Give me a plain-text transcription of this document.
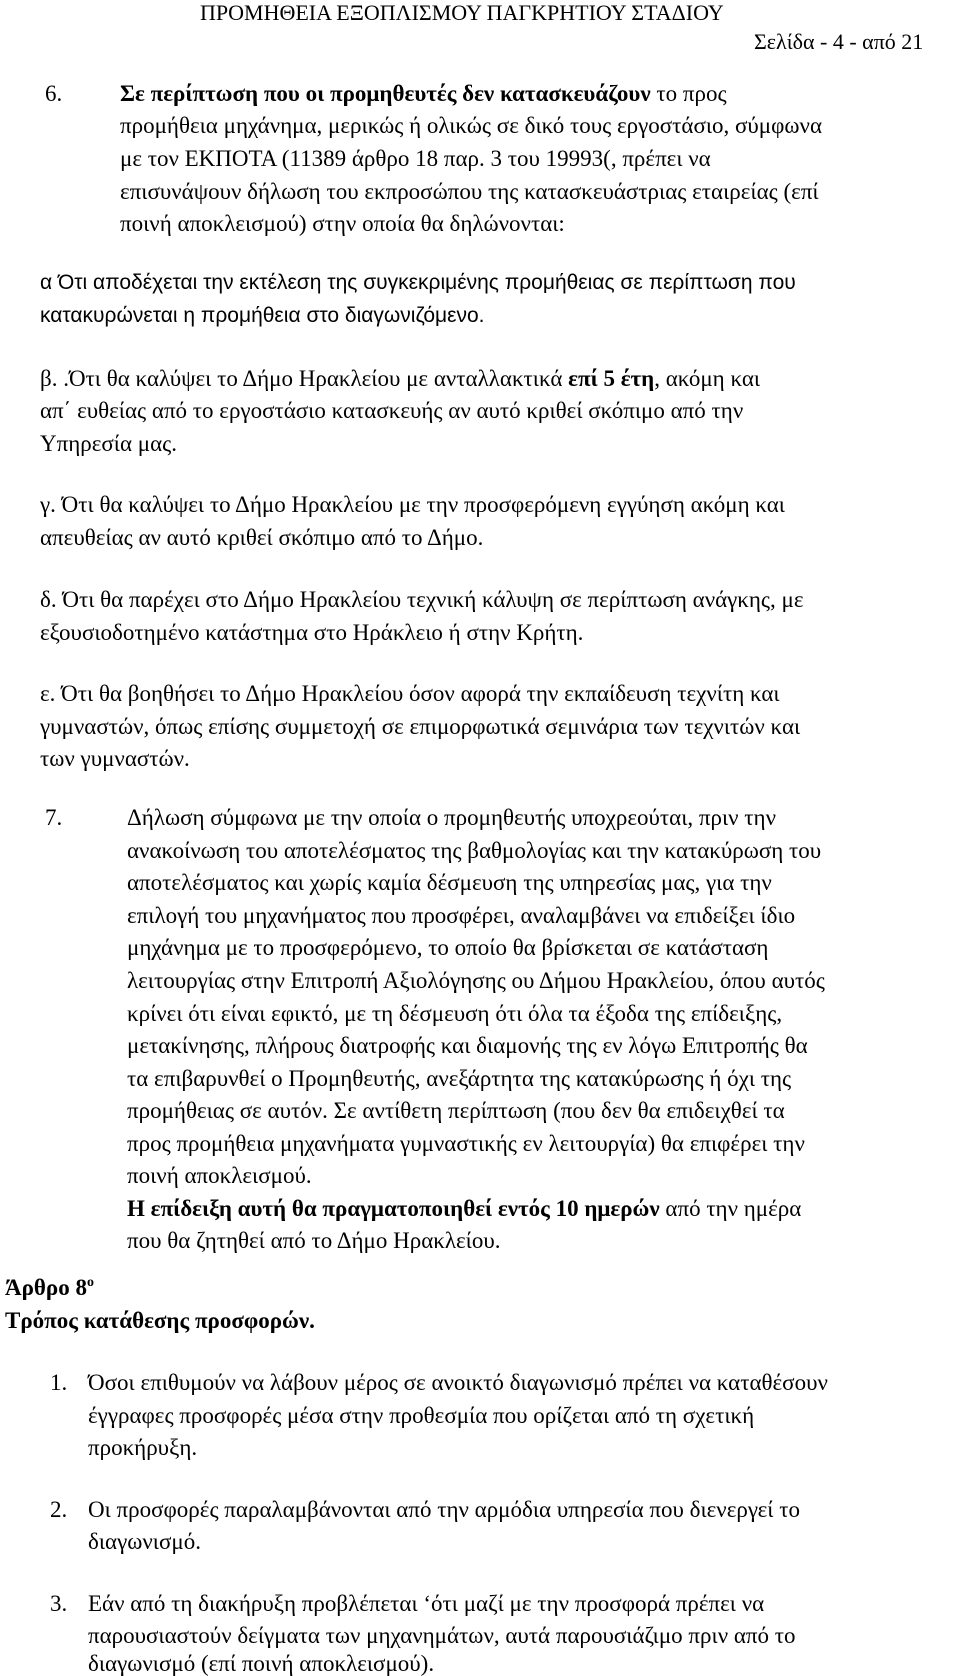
ΠΡΟΜΗΘΕΙΑ ΕΞΟΠΛΙΣΜΟΥ ΠΑΓΚΡΗΤΙΟΥ ΣΤΑΔΙΟΥ
Σελίδα - 4 - από 21
6.	Σε περίπτωση που οι προμηθευτές δεν κατασκευάζουν το προς
προμήθεια μηχάνημα, μερικώς ή ολικώς σε δικό τους εργοστάσιο, σύμφωνα
με τον ΕΚΠΟΤΑ (11389 άρθρο 18 παρ. 3 του 19993(, πρέπει να
επισυνάψουν δήλωση του εκπροσώπου της κατασκευάστριας εταιρείας (επί
ποινή αποκλεισμού) στην οποία θα δηλώνονται:
α Ότι αποδέχεται την εκτέλεση της συγκεκριμένης προμήθειας σε περίπτωση που
κατακυρώνεται η προμήθεια στο διαγωνιζόμενο.
β. .Ότι θα καλύψει το Δήμο Ηρακλείου με ανταλλακτικά επί 5 έτη, ακόμη και
απ΄ ευθείας από το εργοστάσιο κατασκευής αν αυτό κριθεί σκόπιμο από την
Υπηρεσία μας.
γ. Ότι θα καλύψει το Δήμο Ηρακλείου με την προσφερόμενη εγγύηση ακόμη και
απευθείας αν αυτό κριθεί σκόπιμο από το Δήμο.
δ. Ότι θα παρέχει στο Δήμο Ηρακλείου τεχνική κάλυψη σε περίπτωση ανάγκης, με
εξουσιοδοτημένο κατάστημα στο Ηράκλειο ή στην Κρήτη.
ε. Ότι θα βοηθήσει το Δήμο Ηρακλείου όσον αφορά την εκπαίδευση τεχνίτη και
γυμναστών, όπως επίσης συμμετοχή σε επιμορφωτικά σεμινάρια των τεχνιτών και
των γυμναστών.
7.	Δήλωση σύμφωνα με την οποία ο προμηθευτής υποχρεούται, πριν την
ανακοίνωση του αποτελέσματος της βαθμολογίας και την κατακύρωση του
αποτελέσματος και χωρίς καμία δέσμευση της υπηρεσίας μας, για την
επιλογή του μηχανήματος που προσφέρει, αναλαμβάνει να επιδείξει ίδιο
μηχάνημα με το προσφερόμενο, το οποίο θα βρίσκεται σε κατάσταση
λειτουργίας στην Επιτροπή Αξιολόγησης ου Δήμου Ηρακλείου, όπου αυτός
κρίνει ότι είναι εφικτό, με τη δέσμευση ότι όλα τα έξοδα της επίδειξης,
μετακίνησης, πλήρους διατροφής και διαμονής της εν λόγω Επιτροπής θα
τα επιβαρυνθεί ο Προμηθευτής, ανεξάρτητα της κατακύρωσης ή όχι της
προμήθειας σε αυτόν. Σε αντίθετη περίπτωση (που δεν θα επιδειχθεί τα
προς προμήθεια μηχανήματα γυμναστικής εν λειτουργία) θα επιφέρει την
ποινή αποκλεισμού.
Η επίδειξη αυτή θα πραγματοποιηθεί εντός 10 ημερών από την ημέρα
που θα ζητηθεί από το Δήμο Ηρακλείου.
Άρθρο $8^o$
Τρόπος κατάθεσης προσφορών.
1. Όσοι επιθυμούν να λάβουν μέρος σε ανοικτό διαγωνισμό πρέπει να καταθέσουν
έγγραφες προσφορές μέσα στην προθεσμία που ορίζεται από τη σχετική
προκήρυξη.
2. Οι προσφορές παραλαμβάνονται από την αρμόδια υπηρεσία που διενεργεί το
διαγωνισμό.
3. Εάν από τη διακήρυξη προβλέπεται ‘ότι μαζί με την προσφορά πρέπει να
παρουσιαστούν δείγματα των μηχανημάτων, αυτά παρουσιάζιμο πριν από το
διαγωνισμό (επί ποινή αποκλεισμού).
